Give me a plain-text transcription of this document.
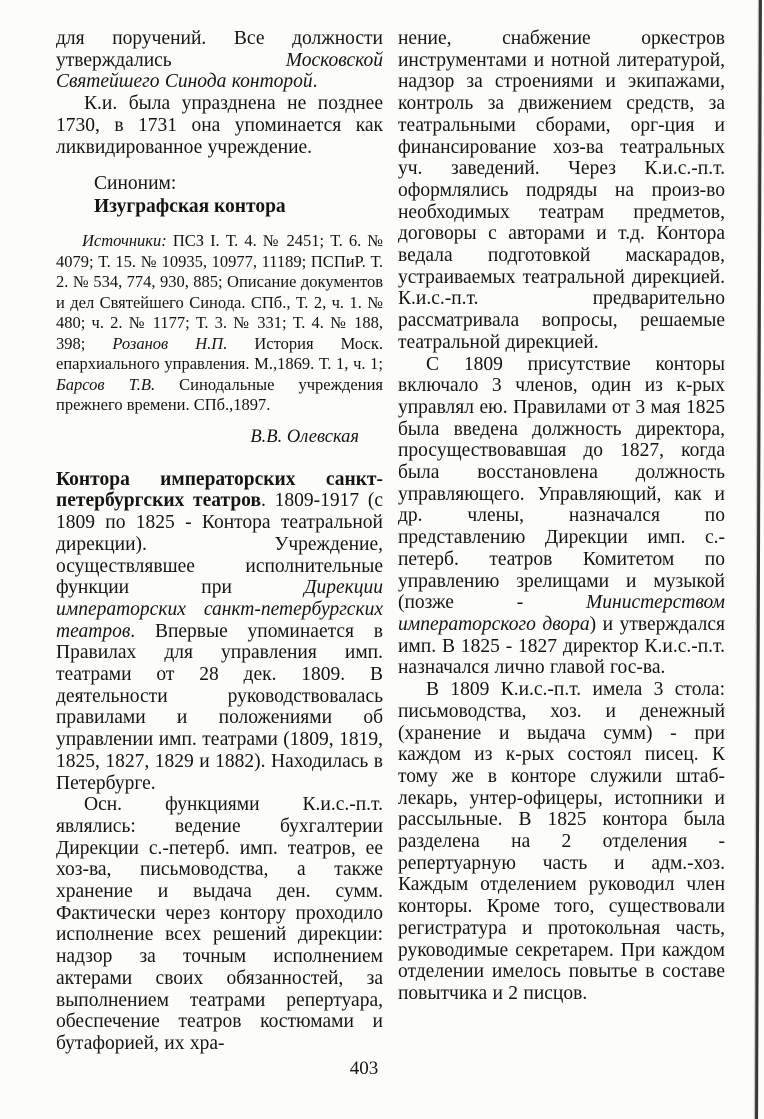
для поручений. Все должности утверждались Московской Святейшего Синода конторой.

К.и. была упразднена не позднее 1730, в 1731 она упоминается как ликвидированное учреждение.

Синоним:

Изуграфская контора

Источники: ПСЗ I. Т. 4. № 2451; Т. 6. № 4079; Т. 15. № 10935, 10977, 11189; ПСПиР. Т. 2. № 534, 774, 930, 885; Описание документов и дел Святейшего Синода. СПб., Т. 2, ч. 1. № 480; ч. 2. № 1177; Т. 3. № 331; Т. 4. № 188, 398; Розанов Н.П. История Моск. епархиального управления. М.,1869. Т. 1, ч. 1; Барсов Т.В. Синодальные учреждения прежнего времени. СПб.,1897.

В.В. Олевская

Контора императорских санкт-петербургских театров. 1809-1917 (с 1809 по 1825 - Контора театральной дирекции). Учреждение, осуществлявшее исполнительные функции при Дирекции императорских санкт-петербургских театров. Впервые упоминается в Правилах для управления имп. театрами от 28 дек. 1809. В деятельности руководствовалась правилами и положениями об управлении имп. театрами (1809, 1819, 1825, 1827, 1829 и 1882). Находилась в Петербурге.

Осн. функциями К.и.с.-п.т. являлись: ведение бухгалтерии Дирекции с.-петерб. имп. театров, ее хоз-ва, письмоводства, а также хранение и выдача ден. сумм. Фактически через контору проходило исполнение всех решений дирекции: надзор за точным исполнением актерами своих обязанностей, за выполнением театрами репертуара, обеспечение театров костюмами и бутафорией, их хра-

нение, снабжение оркестров инструментами и нотной литературой, надзор за строениями и экипажами, контроль за движением средств, за театральными сборами, орг-ция и финансирование хоз-ва театральных уч. заведений. Через К.и.с.-п.т. оформлялись подряды на произ-во необходимых театрам предметов, договоры с авторами и т.д. Контора ведала подготовкой маскарадов, устраиваемых театральной дирекцией. К.и.с.-п.т. предварительно рассматривала вопросы, решаемые театральной дирекцией.

С 1809 присутствие конторы включало 3 членов, один из к-рых управлял ею. Правилами от 3 мая 1825 была введена должность директора, просуществовавшая до 1827, когда была восстановлена должность управляющего. Управляющий, как и др. члены, назначался по представлению Дирекции имп. с.-петерб. театров Комитетом по управлению зрелищами и музыкой (позже - Министерством императорского двора) и утверждался имп. В 1825 - 1827 директор К.и.с.-п.т. назначался лично главой гос-ва.

В 1809 К.и.с.-п.т. имела 3 стола: письмоводства, хоз. и денежный (хранение и выдача сумм) - при каждом из к-рых состоял писец. К тому же в конторе служили штаб-лекарь, унтер-офицеры, истопники и рассыльные. В 1825 контора была разделена на 2 отделения - репертуарную часть и адм.-хоз. Каждым отделением руководил член конторы. Кроме того, существовали регистратура и протокольная часть, руководимые секретарем. При каждом отделении имелось повытье в составе повытчика и 2 писцов.

403
